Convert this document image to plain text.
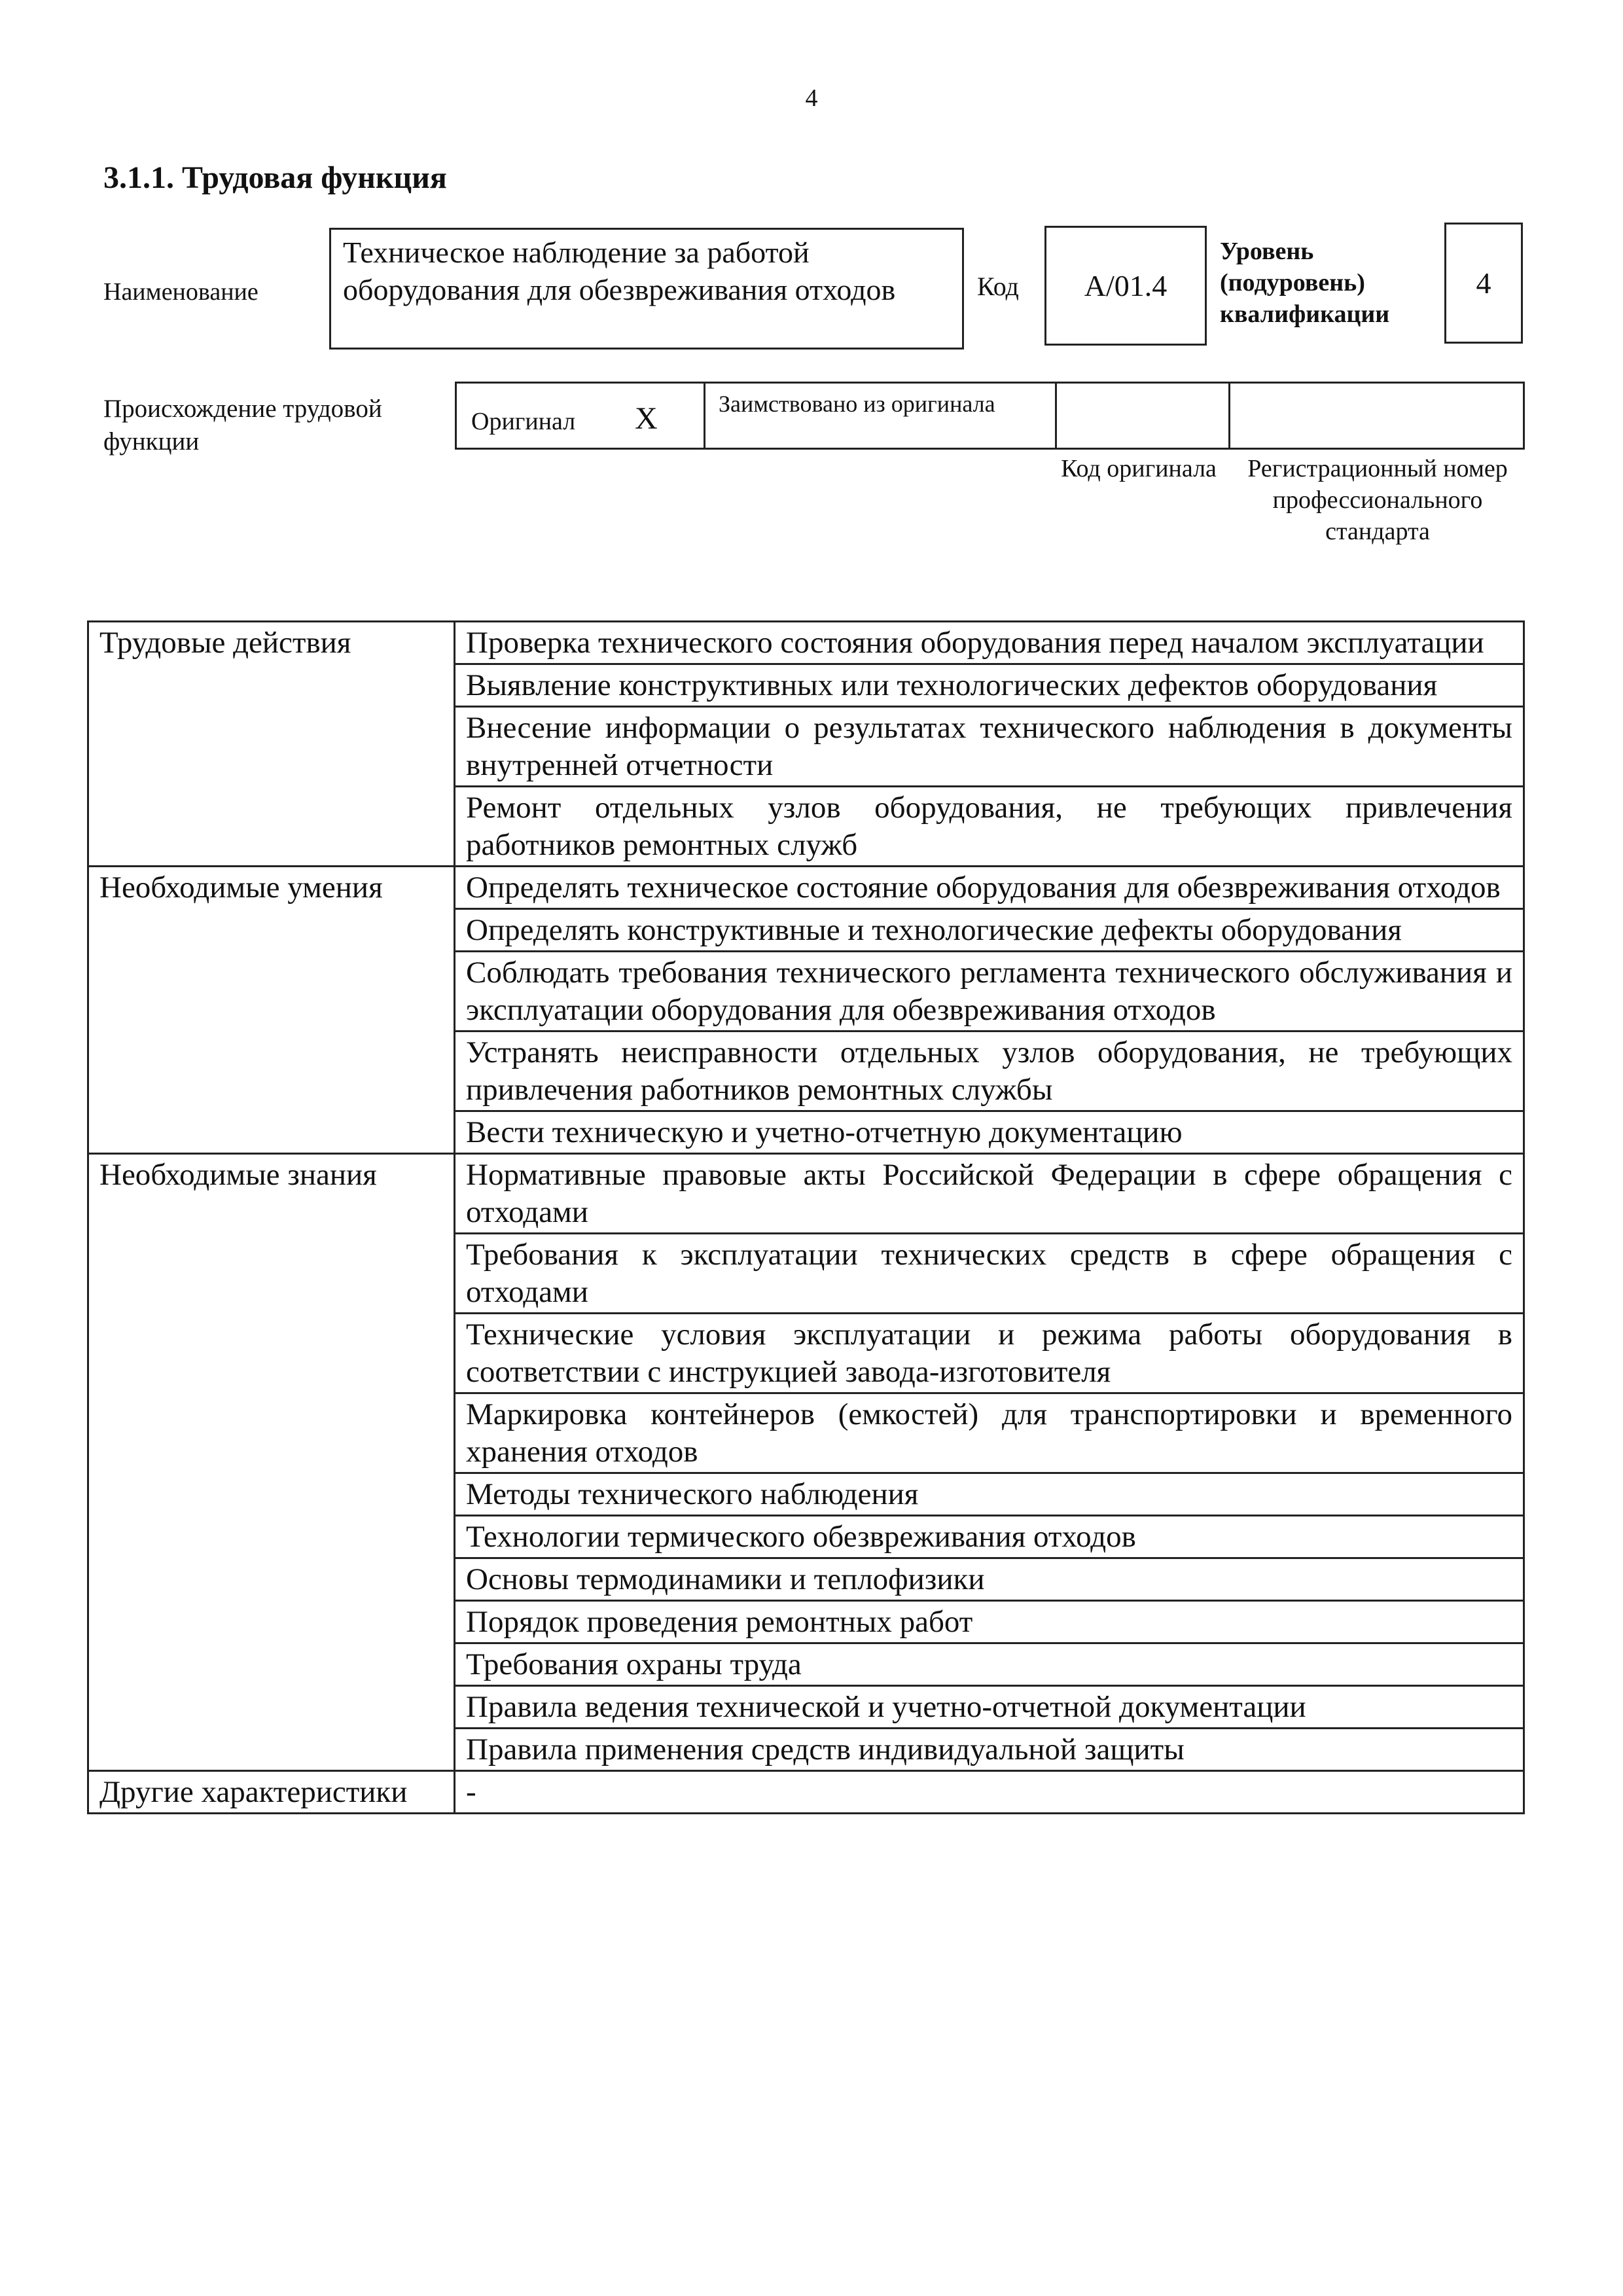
4
3.1.1. Трудовая функция
Наименование
Техническое наблюдение за работой оборудования для обезвреживания отходов	Код А/01.4
Уровень (подуровень) квалификации
4
Происхождение трудовой функции
Оригинал X	Заимствовано из оригинала
Код оригинала	Регистрационный номер профессионального стандарта
Трудовые действия	Проверка технического состояния оборудования перед началом эксплуатации
	Выявление конструктивных или технологических дефектов оборудования
	Внесение информации о результатах технического наблюдения в документы внутренней отчетности
	Ремонт отдельных узлов оборудования, не требующих привлечения работников ремонтных служб
Необходимые умения	Определять техническое состояние оборудования для обезвреживания отходов
	Определять конструктивные и технологические дефекты оборудования
	Соблюдать требования технического регламента технического обслуживания и эксплуатации оборудования для обезвреживания отходов
	Устранять неисправности отдельных узлов оборудования, не требующих привлечения работников ремонтных службы
	Вести техническую и учетно-отчетную документацию
Необходимые знания	Нормативные правовые акты Российской Федерации в сфере обращения с отходами
	Требования к эксплуатации технических средств в сфере обращения с отходами
	Технические условия эксплуатации и режима работы оборудования в соответствии с инструкцией завода-изготовителя
	Маркировка контейнеров (емкостей) для транспортировки и временного хранения отходов
	Методы технического наблюдения
	Технологии термического обезвреживания отходов
	Основы термодинамики и теплофизики
	Порядок проведения ремонтных работ
	Требования охраны труда
	Правила ведения технической и учетно-отчетной документации
	Правила применения средств индивидуальной защиты
Другие характеристики	-
